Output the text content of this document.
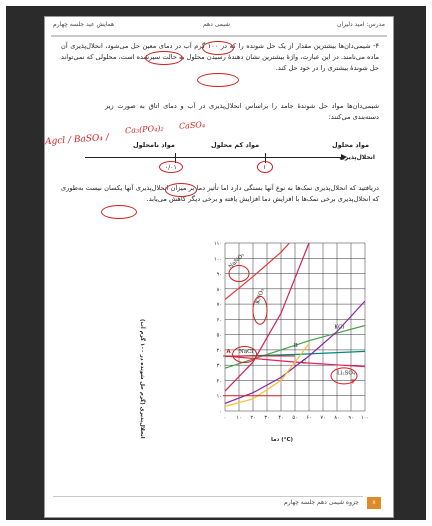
مدرس: امید دلیران
شیمی دهم
همایش عید جلسه چهارم
۴- شیمی‌دان‌ها بیشترین مقدار از یک حل شونده را که در ۱۰۰ گرم آب در دمای معین حل می‌شود، انحلال‌پذیری آن ماده می‌نامند. در این عبارت، واژهٔ بیشترین نشان دهندهٔ رسیدن محلول به حالت سیرشده است، محلولی که نمی‌تواند حل شوندهٔ بیشتری را در خود حل کند.
شیمی‌دان‌ها مواد حل شوندهٔ جامد را براساس انحلال‌پذیری در آب و دمای اتاق به صورت زیر دسته‌بندی می‌کنند:
Agcl / BaSO₄ /
Ca₃(PO₄)₂ CaSO₄
مواد محلول
مواد کم محلول
مواد نامحلول
انحلال‌پذیری
۰/۰۱	۱
دریافتید که انحلال‌پذیری نمک‌ها به نوع آنها بستگی دارد اما تأثیر دما بر میزان انحلال‌پذیری آنها یکسان نیست به‌طوری که انحلال‌پذیری برخی نمک‌ها با افزایش دما افزایش یافته و برخی دیگر کاهش می‌یابد.
انحلال‌پذیری (گرم حل شونده در ۱۰۰ گرم آب)	۰ ۱۰ ۲۰ ۳۰ ۴۰ ۵۰ ۶۰ ۷۰ ۸۰ ۹۰ ۱۰۰
۰
۱۰
۲۰
۳۰
۴۰
۵۰
۶۰
۷۰
۸۰
۹۰
۱۰۰
۱۱۰
NaNO₃
KNO₃
KCl
NaCl
Li₂SO₄
B
C
A
T
دما (°C)
جزوه شیمی دهم جلسه چهارم	۸
